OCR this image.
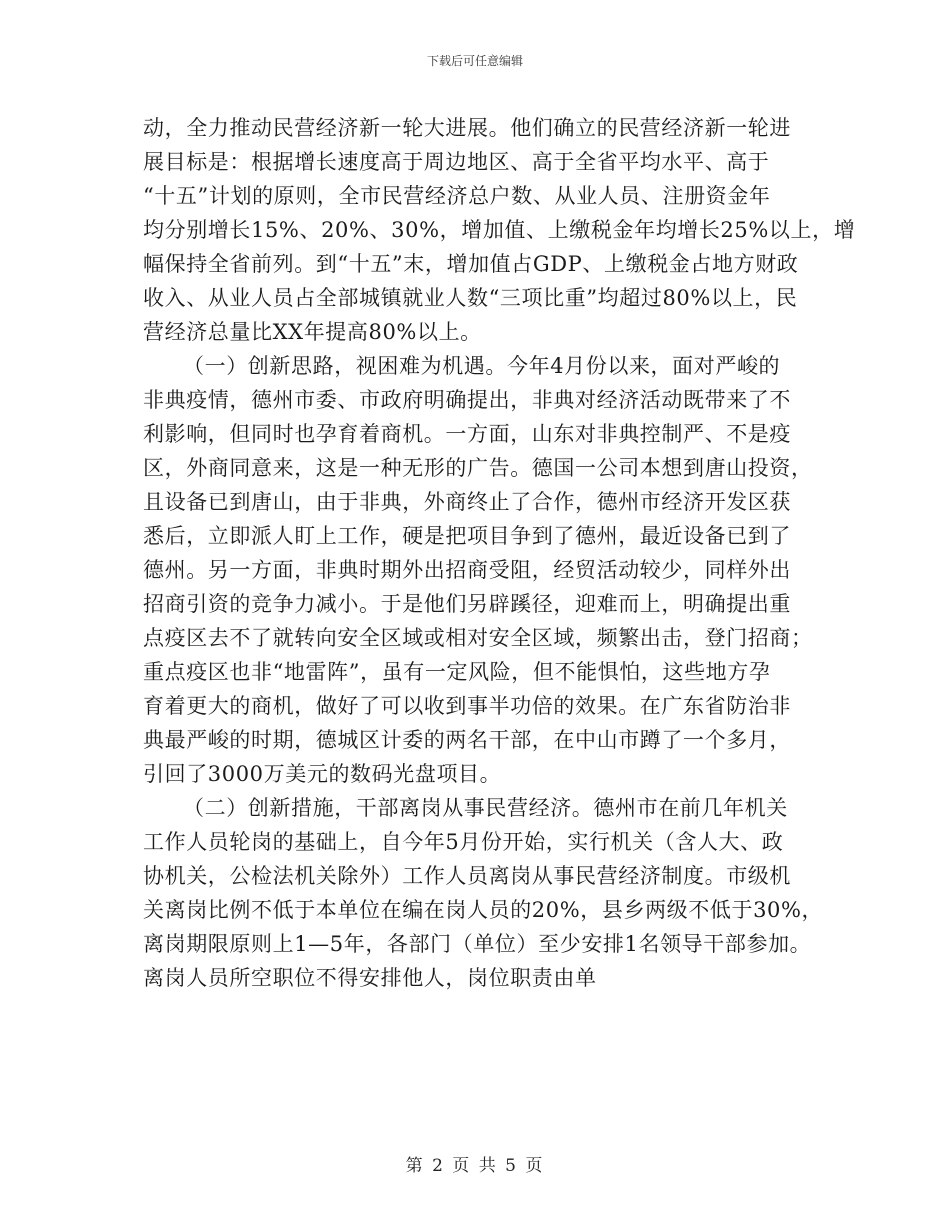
下载后可任意编辑
动，全力推动民营经济新一轮大进展。他们确立的民营经济新一轮进
展目标是：根据增长速度高于周边地区、高于全省平均水平、高于
“十五”计划的原则，全市民营经济总户数、从业人员、注册资金年
均分别增长15%、20%、30%，增加值、上缴税金年均增长25%以上，增
幅保持全省前列。到“十五”末，增加值占GDP、上缴税金占地方财政
收入、从业人员占全部城镇就业人数“三项比重”均超过80%以上，民
营经济总量比XX年提高80%以上。
（一）创新思路，视困难为机遇。今年4月份以来，面对严峻的
非典疫情，德州市委、市政府明确提出，非典对经济活动既带来了不
利影响，但同时也孕育着商机。一方面，山东对非典控制严、不是疫
区，外商同意来，这是一种无形的广告。德国一公司本想到唐山投资，
且设备已到唐山，由于非典，外商终止了合作，德州市经济开发区获
悉后，立即派人盯上工作，硬是把项目争到了德州，最近设备已到了
德州。另一方面，非典时期外出招商受阻，经贸活动较少，同样外出
招商引资的竞争力减小。于是他们另辟蹊径，迎难而上，明确提出重
点疫区去不了就转向安全区域或相对安全区域，频繁出击，登门招商；
重点疫区也非“地雷阵”，虽有一定风险，但不能惧怕，这些地方孕
育着更大的商机，做好了可以收到事半功倍的效果。在广东省防治非
典最严峻的时期，德城区计委的两名干部，在中山市蹲了一个多月，
引回了3000万美元的数码光盘项目。
（二）创新措施，干部离岗从事民营经济。德州市在前几年机关
工作人员轮岗的基础上，自今年5月份开始，实行机关（含人大、政
协机关，公检法机关除外）工作人员离岗从事民营经济制度。市级机
关离岗比例不低于本单位在编在岗人员的20%，县乡两级不低于30%，
离岗期限原则上1—5年，各部门（单位）至少安排1名领导干部参加。
离岗人员所空职位不得安排他人，岗位职责由单
第 2 页 共 5 页
